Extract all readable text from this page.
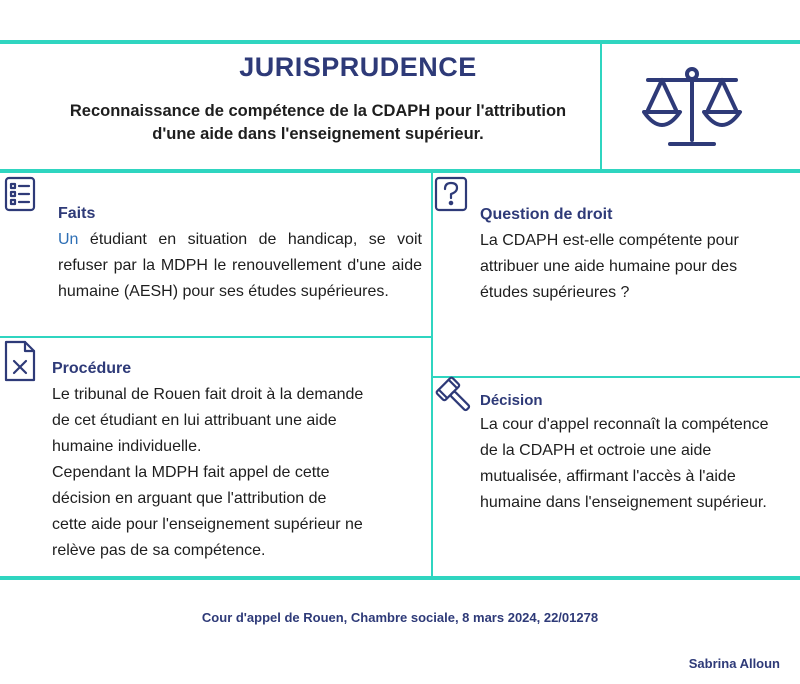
JURISPRUDENCE
Reconnaissance de compétence de la CDAPH pour l'attribution
d'une aide dans l'enseignement supérieur.
Faits
Un étudiant en situation de handicap, se voit refuser par la MDPH le renouvellement d'une aide humaine (AESH) pour ses études supérieures.
Question de droit
La CDAPH est-elle compétente pour
attribuer une aide humaine pour des
études supérieures ?
Procédure
Le tribunal de Rouen fait droit à la demande
de cet étudiant en lui attribuant une aide
humaine individuelle.
Cependant la MDPH fait appel de cette
décision en arguant que l'attribution de
cette aide pour l'enseignement supérieur ne
relève pas de sa compétence.
Décision
La cour d'appel reconnaît la compétence
de la CDAPH et octroie une aide
mutualisée, affirmant l'accès à l'aide
humaine dans l'enseignement supérieur.
Cour d'appel de Rouen, Chambre sociale, 8 mars 2024, 22/01278
Sabrina Alloun
